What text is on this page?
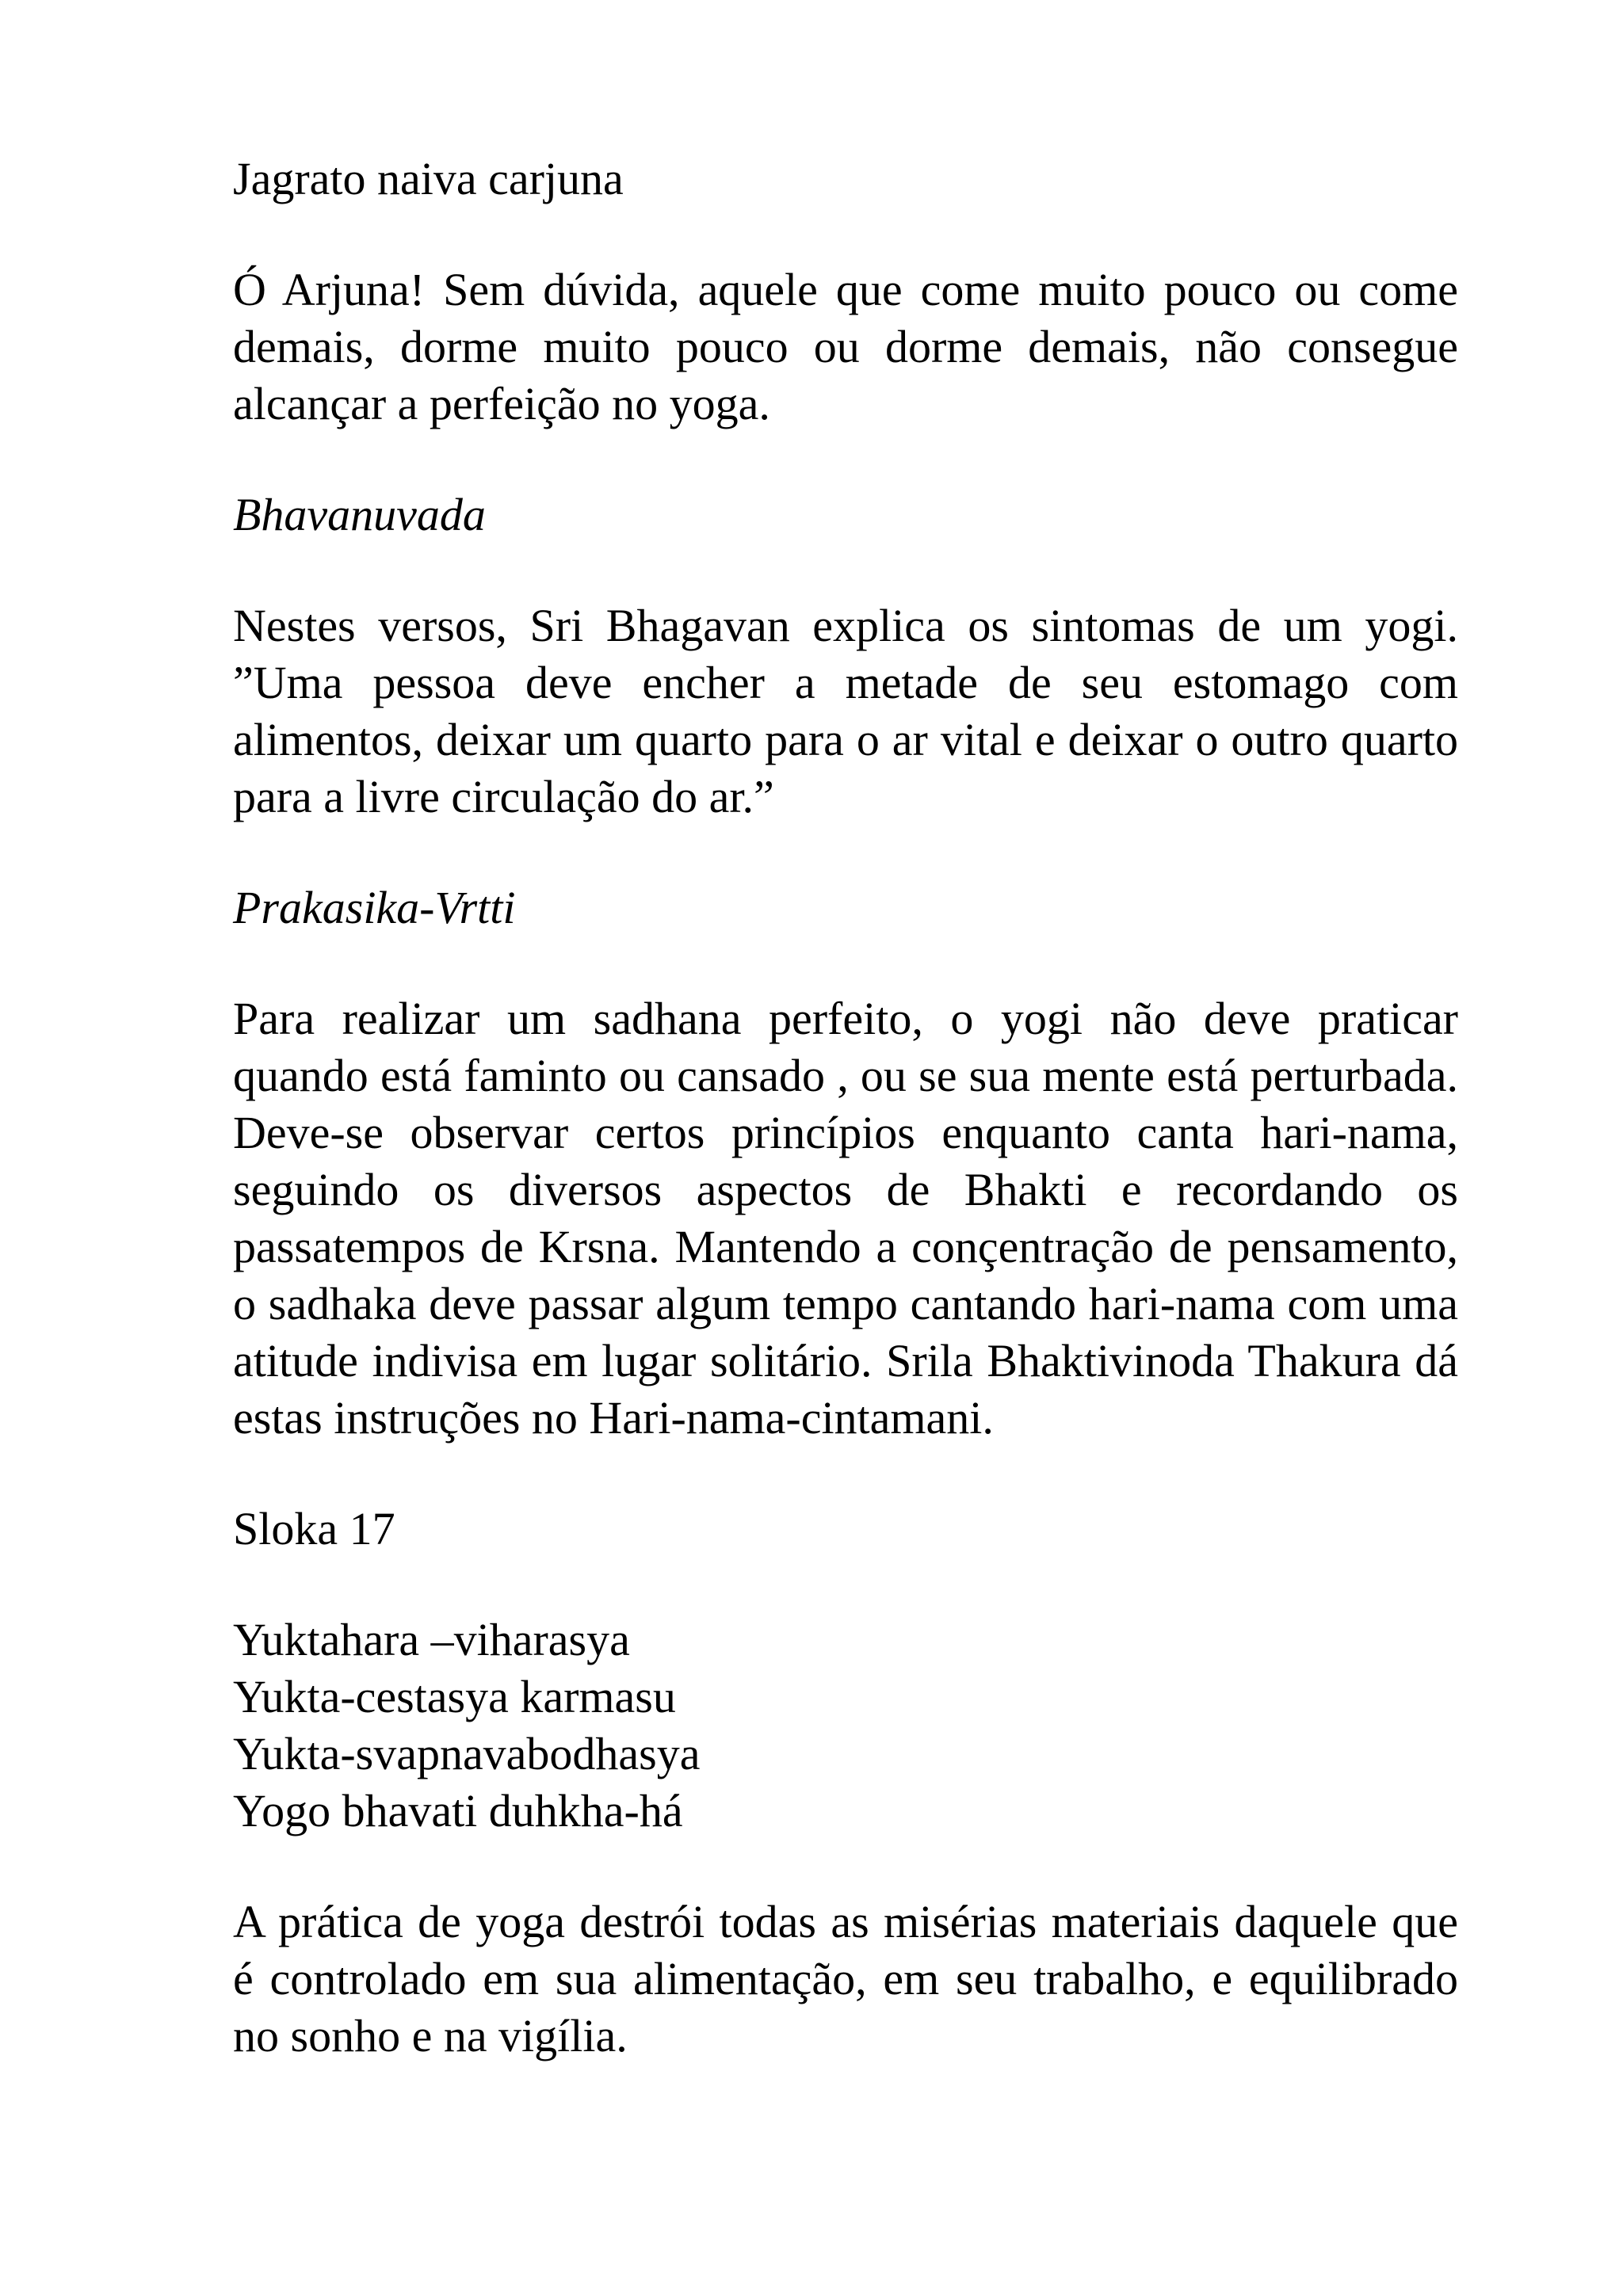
Jagrato naiva carjuna

Ó Arjuna! Sem dúvida, aquele que come muito pouco ou come demais, dorme muito pouco ou dorme demais, não consegue alcançar a perfeição no yoga.

Bhavanuvada

Nestes versos, Sri Bhagavan explica os sintomas de um yogi. ”Uma pessoa deve encher a metade de seu estomago com alimentos, deixar um quarto para o ar vital e deixar o outro quarto para a livre circulação do ar.”

Prakasika-Vrtti

Para realizar um sadhana perfeito, o yogi não deve praticar quando está faminto ou cansado , ou se sua mente está perturbada. Deve-se observar certos princípios enquanto canta hari-nama, seguindo os diversos aspectos de Bhakti e recordando os passatempos de Krsna. Mantendo a conçentração de pensamento, o sadhaka deve passar algum tempo cantando hari-nama com uma atitude indivisa em lugar solitário. Srila Bhaktivinoda Thakura dá estas instruções no Hari-nama-cintamani.

Sloka 17

Yuktahara –viharasya
Yukta-cestasya karmasu
Yukta-svapnavabodhasya
Yogo bhavati duhkha-há

A prática de yoga destrói todas as misérias materiais daquele que é controlado em sua alimentação, em seu trabalho, e equilibrado no sonho e na vigília.
